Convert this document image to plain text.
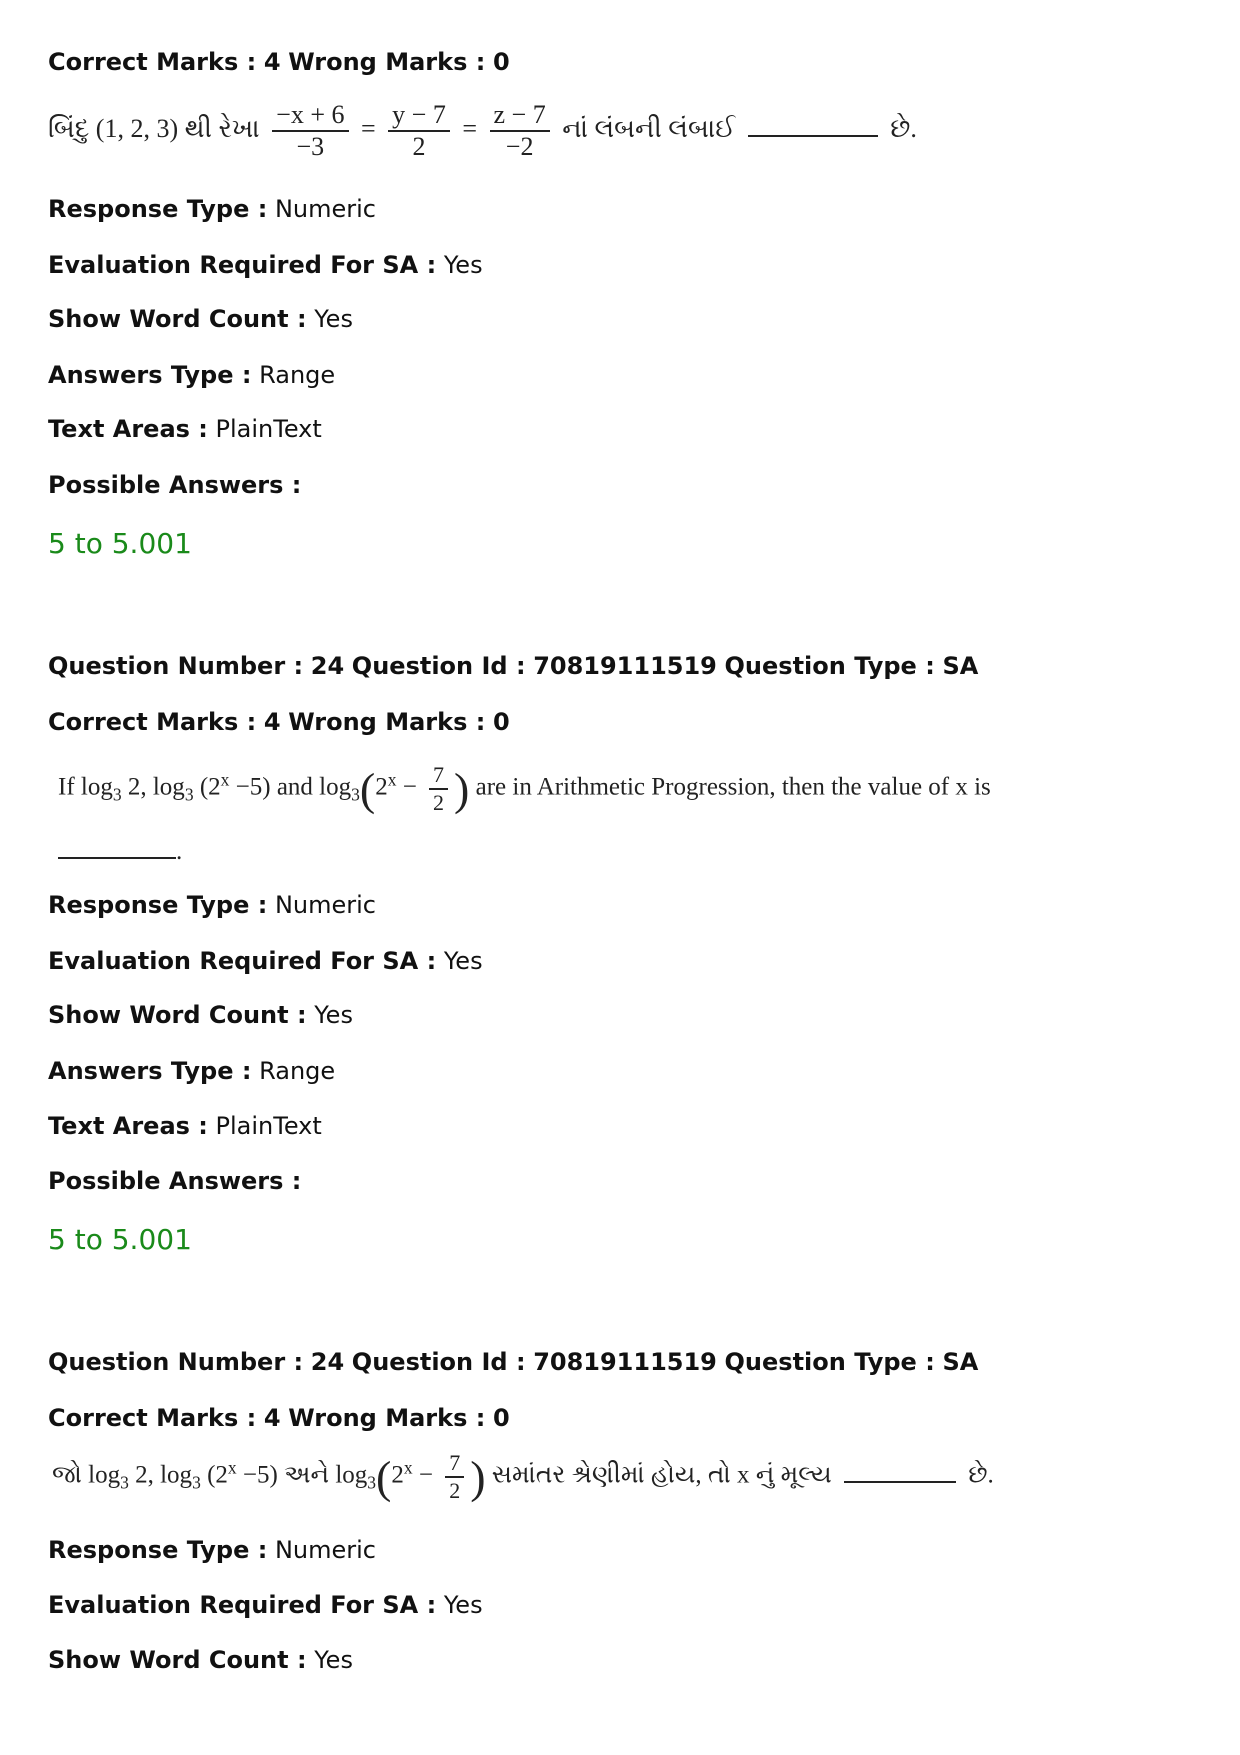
Correct Marks : 4 Wrong Marks : 0
બિંદુ (1, 2, 3) થી રેખા $\frac{-x + 6}{-3} = \frac{y - 7}{2} = \frac{z - 7}{-2}$ નાં લંબની લંબાઈ	છે.
Response Type : Numeric
Evaluation Required For SA : Yes
Show Word Count : Yes
Answers Type : Range
Text Areas : PlainText
Possible Answers :
5 to 5.001
Question Number : 24 Question Id : 70819111519 Question Type : SA
Correct Marks : 4 Wrong Marks : 0
If $\log_3 2$, $\log_3 (2^x -5)$ and $\log_3(2^x - \frac{7}{2}$ ) are in Arithmetic Progression, then the value of x is
.
Response Type : Numeric
Evaluation Required For SA : Yes
Show Word Count : Yes
Answers Type : Range
Text Areas : PlainText
Possible Answers :
5 to 5.001
Question Number : 24 Question Id : 70819111519 Question Type : SA
Correct Marks : 4 Wrong Marks : 0
જો $\log_3 2$, $\log_3 (2^x -5)$ અને $\log_3(2^x - \frac{7}{2}$ ) સમાંતર શ્રેણીમાં હોય, તો x નું મૂલ્ય	છે.
Response Type : Numeric
Evaluation Required For SA : Yes
Show Word Count : Yes
